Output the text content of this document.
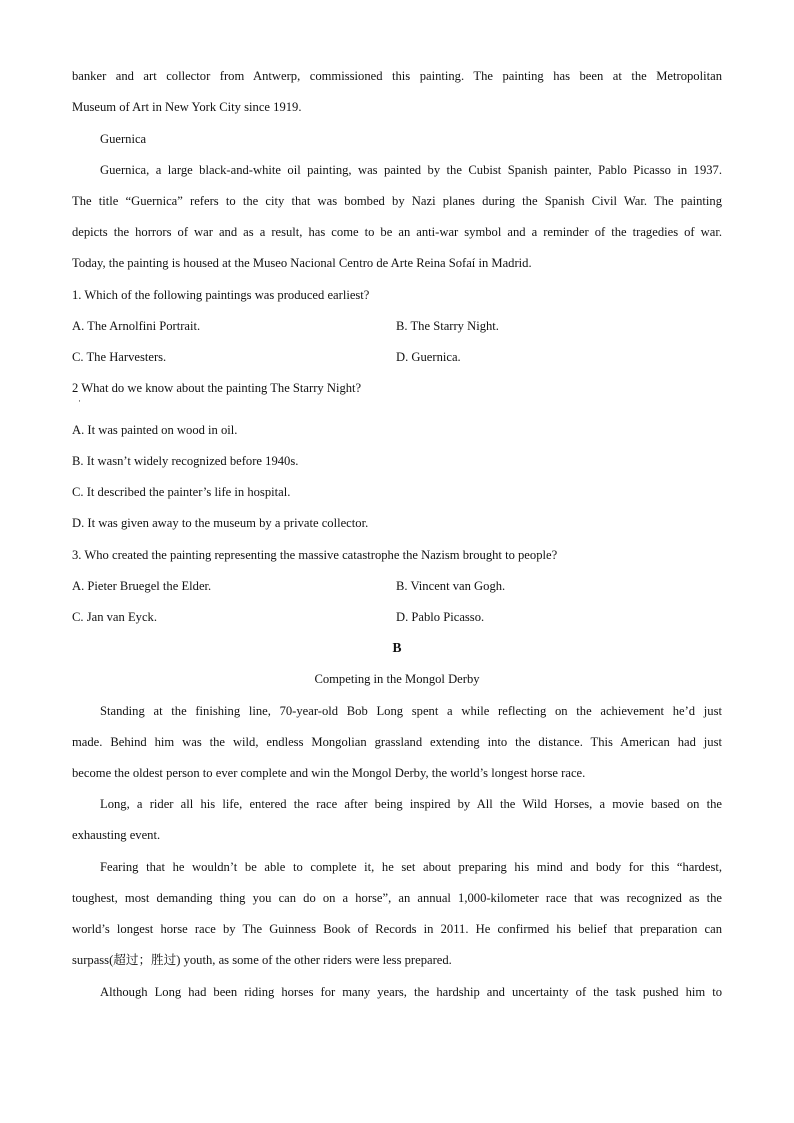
banker and art collector from Antwerp, commissioned this painting. The painting has been at the Metropolitan
Museum of Art in New York City since 1919.
Guernica
Guernica, a large black-and-white oil painting, was painted by the Cubist Spanish painter, Pablo Picasso in 1937.
The title “Guernica” refers to the city that was bombed by Nazi planes during the Spanish Civil War. The painting
depicts the horrors of war and as a result, has come to be an anti-war symbol and a reminder of the tragedies of war.
Today, the painting is housed at the Museo Nacional Centro de Arte Reina Sofaí in Madrid.
1. Which of the following paintings was produced earliest?
A. The Arnolfini Portrait.	B. The Starry Night.
C. The Harvesters.	D. Guernica.
2 What do we know about the painting The Starry Night?
·
A. It was painted on wood in oil.
B. It wasn’t widely recognized before 1940s.
C. It described the painter’s life in hospital.
D. It was given away to the museum by a private collector.
3. Who created the painting representing the massive catastrophe the Nazism brought to people?
A. Pieter Bruegel the Elder.	B. Vincent van Gogh.
C. Jan van Eyck.	D. Pablo Picasso.
B
Competing in the Mongol Derby
Standing at the finishing line, 70-year-old Bob Long spent a while reflecting on the achievement he’d just
made. Behind him was the wild, endless Mongolian grassland extending into the distance. This American had just
become the oldest person to ever complete and win the Mongol Derby, the world’s longest horse race.
Long, a rider all his life, entered the race after being inspired by All the Wild Horses, a movie based on the
exhausting event.
Fearing that he wouldn’t be able to complete it, he set about preparing his mind and body for this “hardest,
toughest, most demanding thing you can do on a horse”, an annual 1,000-kilometer race that was recognized as the
world’s longest horse race by The Guinness Book of Records in 2011. He confirmed his belief that preparation can
surpass(超过；胜过) youth, as some of the other riders were less prepared.
Although Long had been riding horses for many years, the hardship and uncertainty of the task pushed him to
